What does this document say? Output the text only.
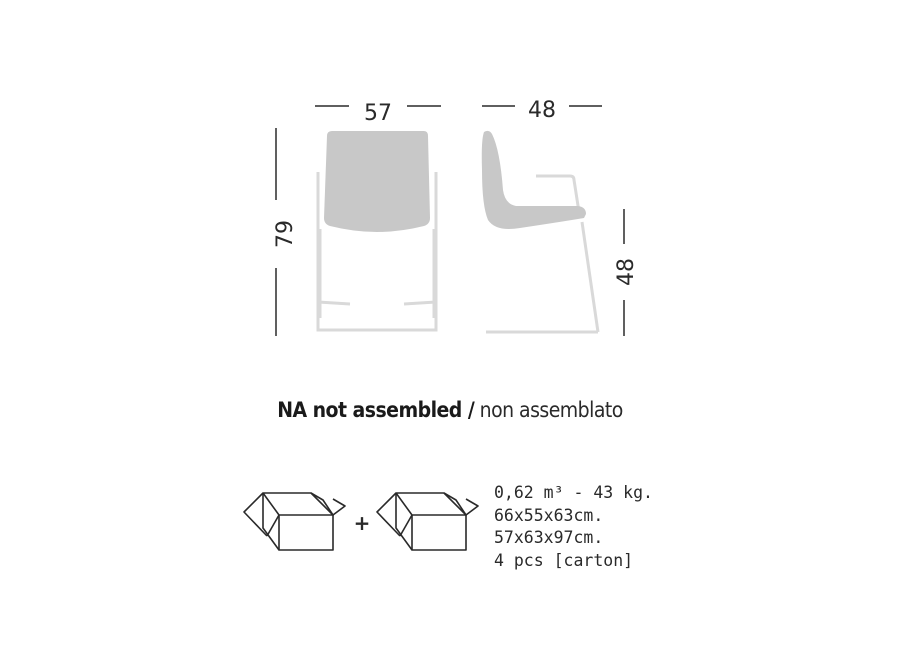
57	48
79
48
+
NA not assembled / non assemblato
0,62 m³ - 43 kg.
66x55x63cm.
57x63x97cm.
4 pcs [carton]
